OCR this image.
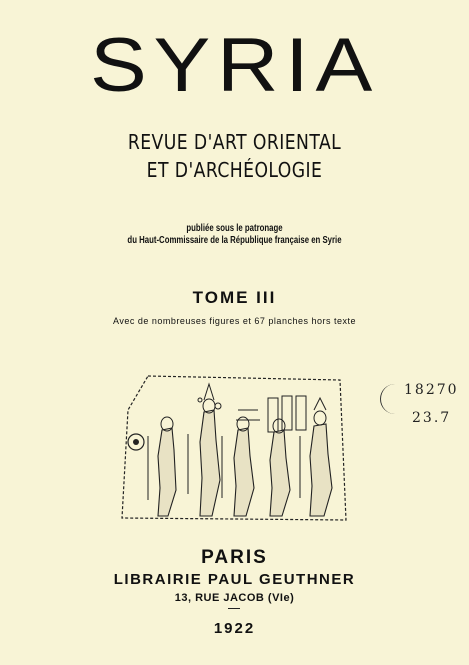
SYRIA
REVUE D'ART ORIENTAL
ET D'ARCHÉOLOGIE
publiée sous le patronage
du Haut-Commissaire de la République française en Syrie
TOME III
Avec de nombreuses figures et 67 planches hors texte
18270
23.7
PARIS
LIBRAIRIE PAUL GEUTHNER
13, RUE JACOB (VIe)
1922
